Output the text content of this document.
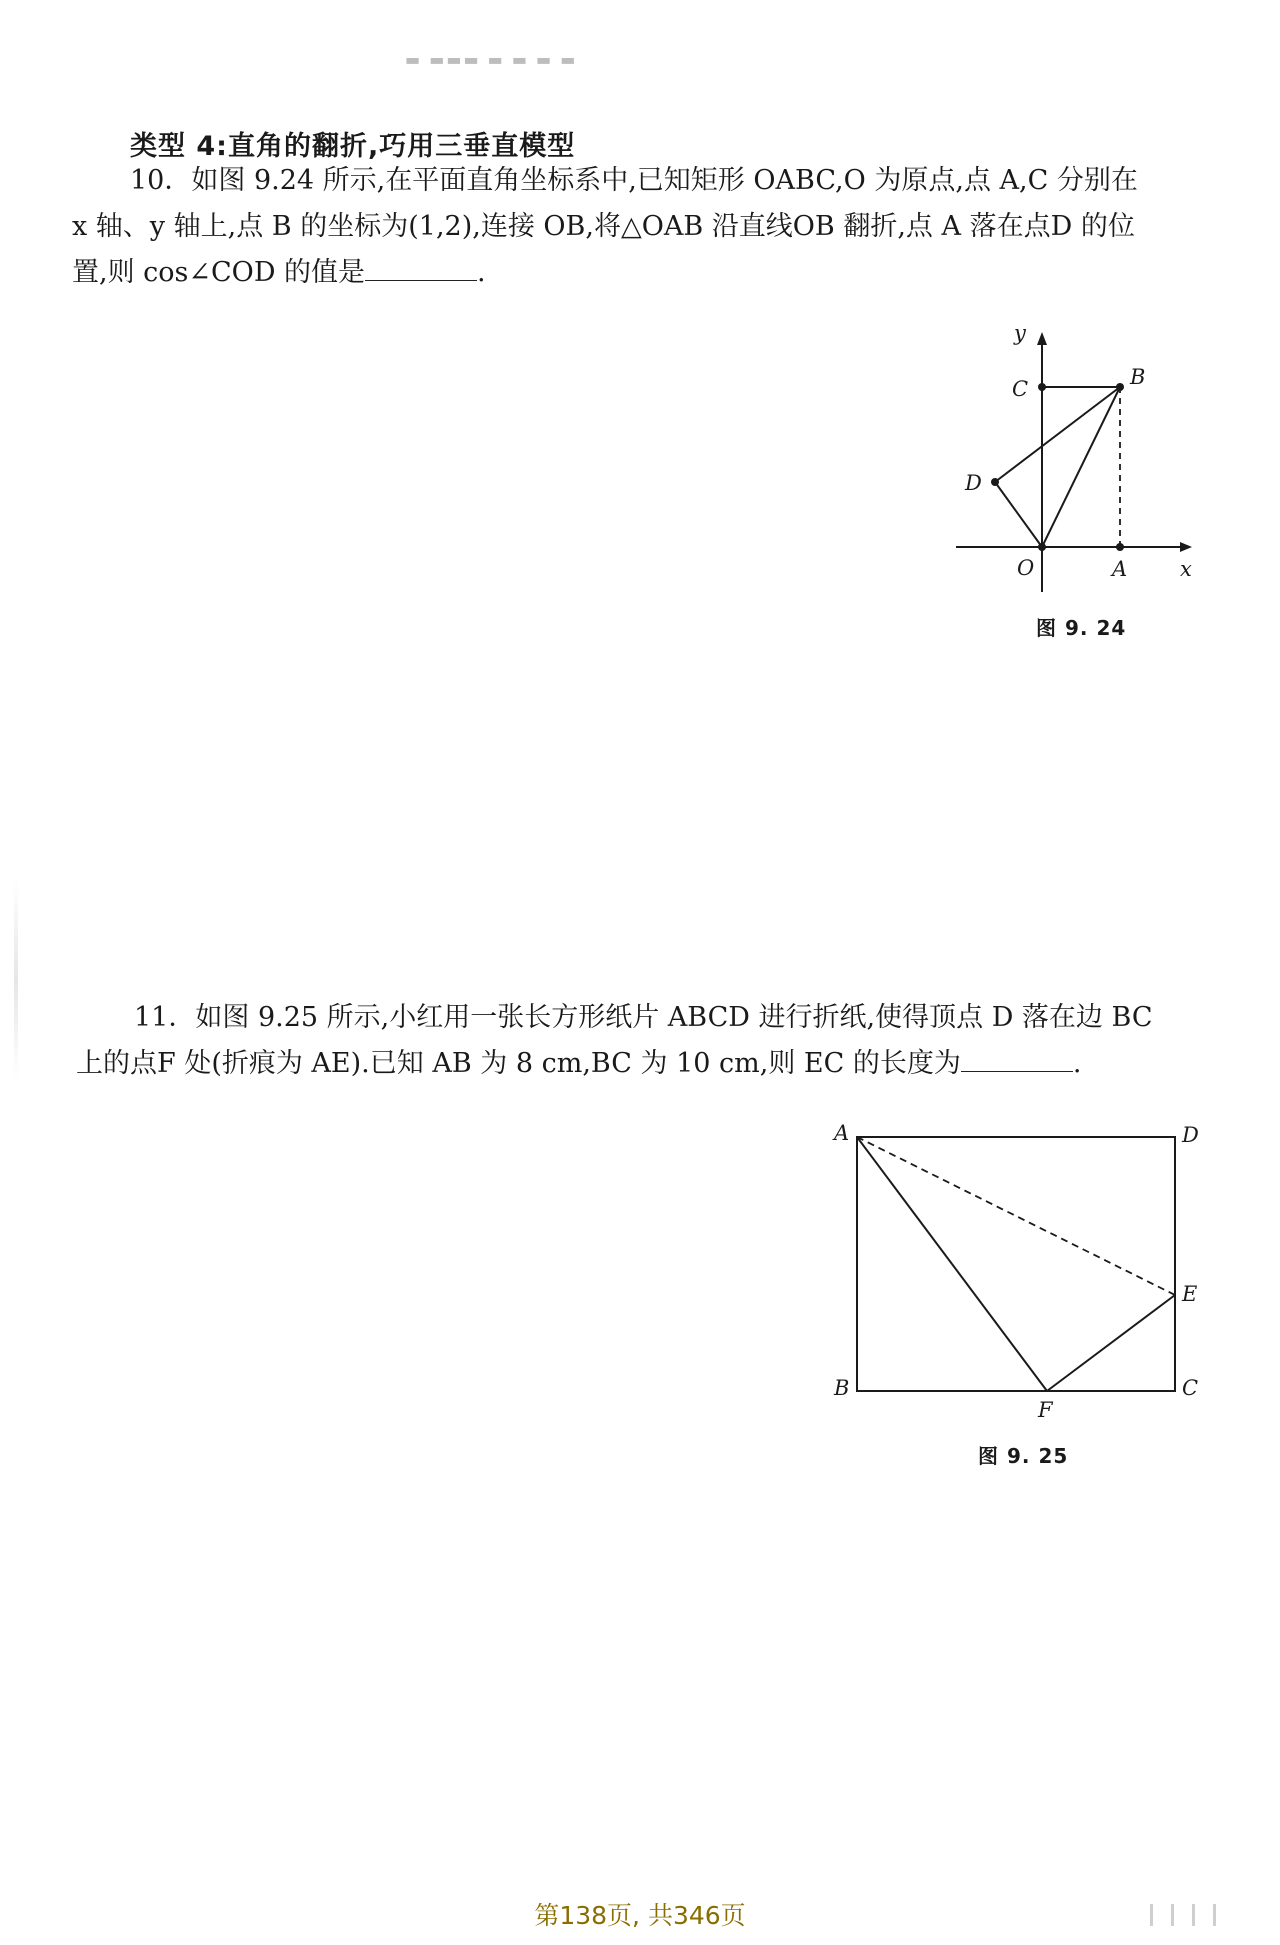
▬ ▬▬▬ ▬ ▬ ▬ ▬
类型 4:直角的翻折,巧用三垂直模型
10．如图 9.24 所示,在平面直角坐标系中,已知矩形 OABC,O 为原点,点 A,C 分别在
x 轴、y 轴上,点 B 的坐标为(1,2),连接 OB,将△OAB 沿直线OB 翻折,点 A 落在点D 的位
置,则 cos∠COD 的值是	.
y
C	B
D
O	A	x
图 9. 24
11．如图 9.25 所示,小红用一张长方形纸片 ABCD 进行折纸,使得顶点 D 落在边 BC
上的点F 处(折痕为 AE).已知 AB 为 8 cm,BC 为 10 cm,则 EC 的长度为	.
A	D
E
B	C
F
图 9. 25
第138页, 共346页
